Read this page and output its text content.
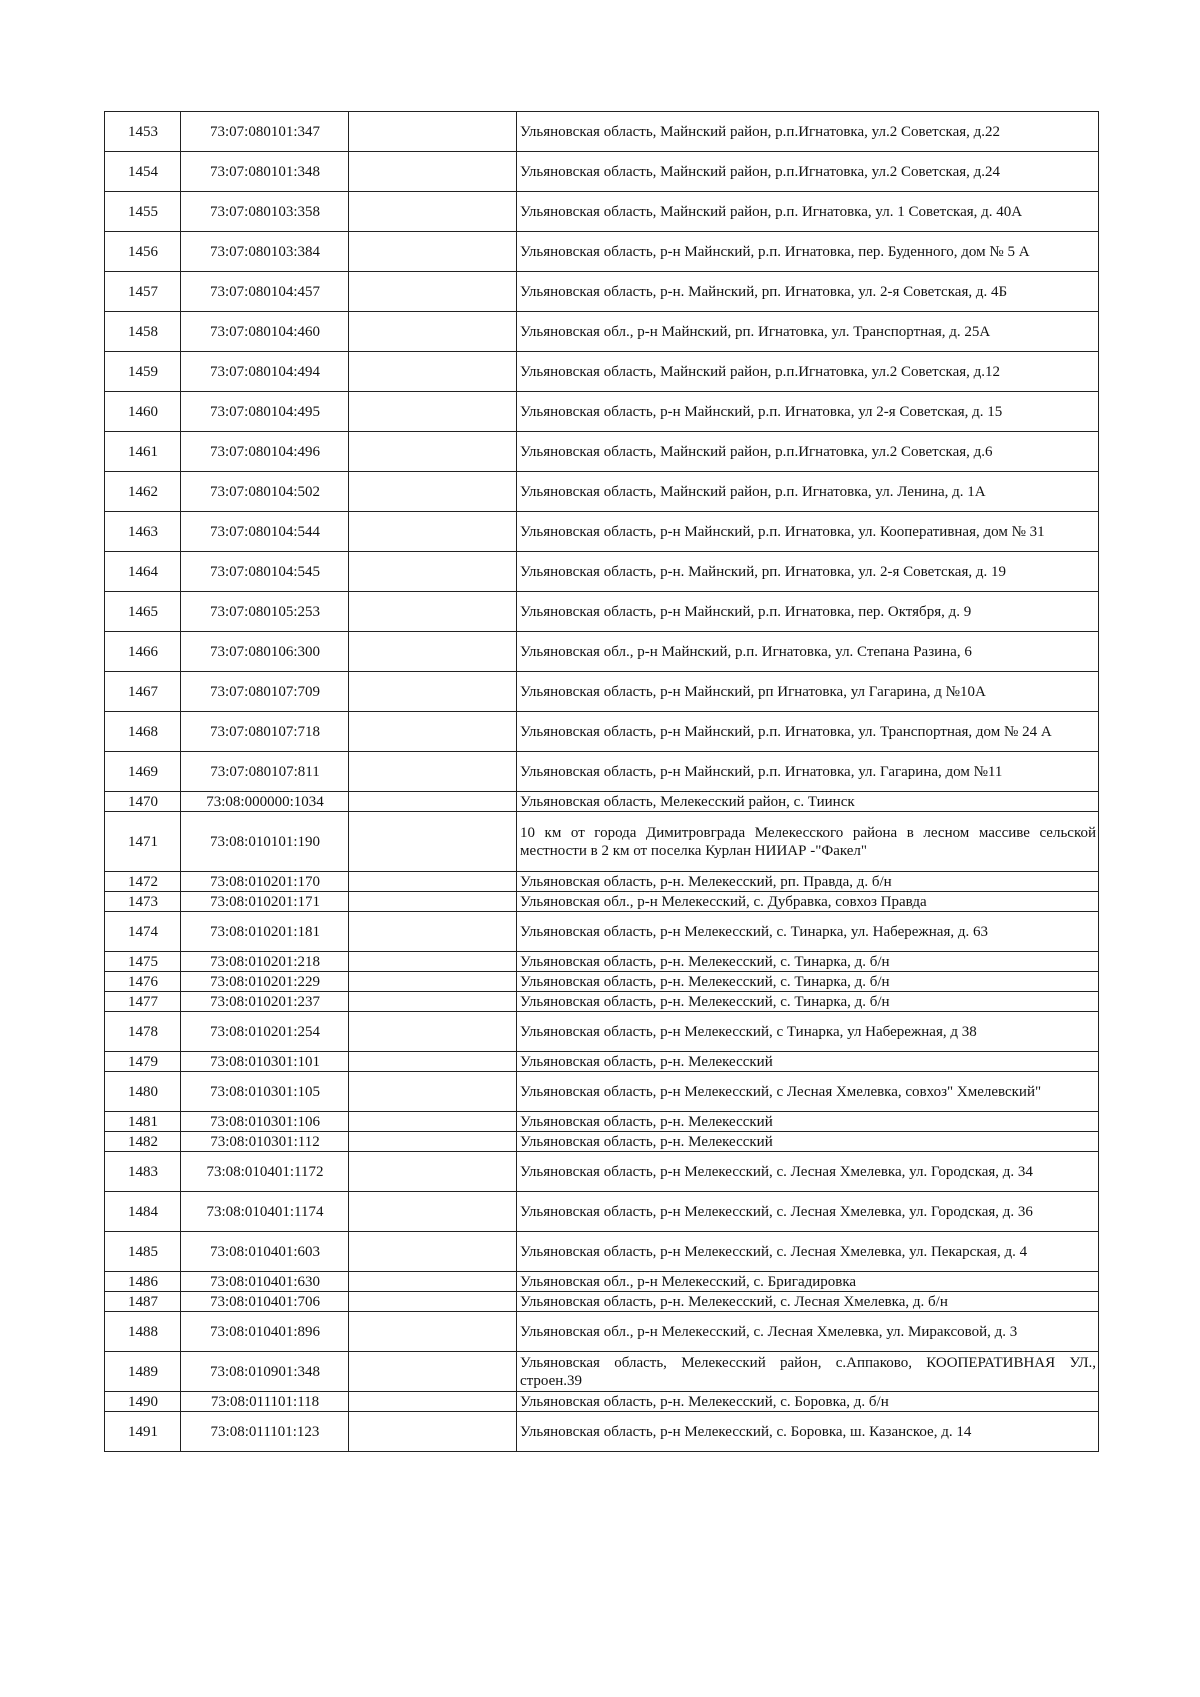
1453	73:07:080101:347		Ульяновская область, Майнский район, р.п.Игнатовка, ул.2 Советская, д.22
1454	73:07:080101:348		Ульяновская область, Майнский район, р.п.Игнатовка, ул.2 Советская, д.24
1455	73:07:080103:358		Ульяновская область, Майнский район, р.п. Игнатовка, ул. 1 Советская, д. 40А
1456	73:07:080103:384		Ульяновская область, р-н Майнский, р.п. Игнатовка, пер. Буденного, дом № 5 А
1457	73:07:080104:457		Ульяновская область, р-н. Майнский, рп. Игнатовка, ул. 2-я Советская, д. 4Б
1458	73:07:080104:460		Ульяновская обл., р-н Майнский, рп. Игнатовка, ул. Транспортная, д. 25А
1459	73:07:080104:494		Ульяновская область, Майнский район, р.п.Игнатовка, ул.2 Советская, д.12
1460	73:07:080104:495		Ульяновская область, р-н Майнский, р.п. Игнатовка, ул 2-я Советская, д. 15
1461	73:07:080104:496		Ульяновская область, Майнский район, р.п.Игнатовка, ул.2 Советская, д.6
1462	73:07:080104:502		Ульяновская область, Майнский район, р.п. Игнатовка, ул. Ленина, д. 1А
1463	73:07:080104:544		Ульяновская область, р-н Майнский, р.п. Игнатовка, ул. Кооперативная, дом № 31
1464	73:07:080104:545		Ульяновская область, р-н. Майнский, рп. Игнатовка, ул. 2-я Советская, д. 19
1465	73:07:080105:253		Ульяновская область, р-н Майнский, р.п. Игнатовка, пер. Октября, д. 9
1466	73:07:080106:300		Ульяновская обл., р-н Майнский, р.п. Игнатовка, ул. Степана Разина, 6
1467	73:07:080107:709		Ульяновская область, р-н Майнский, рп Игнатовка, ул Гагарина, д №10А
1468	73:07:080107:718		Ульяновская область, р-н Майнский, р.п. Игнатовка, ул. Транспортная, дом № 24 А
1469	73:07:080107:811		Ульяновская область, р-н Майнский, р.п. Игнатовка, ул. Гагарина, дом №11
1470	73:08:000000:1034		Ульяновская область, Мелекесский район, с. Тиинск
1471	73:08:010101:190		10 км от города Димитровграда Мелекесского района в лесном массиве сельской местности в 2 км от поселка Курлан НИИАР -"Факел"
1472	73:08:010201:170		Ульяновская область, р-н. Мелекесский, рп. Правда, д. б/н
1473	73:08:010201:171		Ульяновская обл., р-н Мелекесский, с. Дубравка, совхоз Правда
1474	73:08:010201:181		Ульяновская область, р-н Мелекесский, с. Тинарка, ул. Набережная, д. 63
1475	73:08:010201:218		Ульяновская область, р-н. Мелекесский, с. Тинарка, д. б/н
1476	73:08:010201:229		Ульяновская область, р-н. Мелекесский, с. Тинарка, д. б/н
1477	73:08:010201:237		Ульяновская область, р-н. Мелекесский, с. Тинарка, д. б/н
1478	73:08:010201:254		Ульяновская область, р-н Мелекесский, с Тинарка, ул Набережная, д 38
1479	73:08:010301:101		Ульяновская область, р-н. Мелекесский
1480	73:08:010301:105		Ульяновская область, р-н Мелекесский, с Лесная Хмелевка, совхоз" Хмелевский"
1481	73:08:010301:106		Ульяновская область, р-н. Мелекесский
1482	73:08:010301:112		Ульяновская область, р-н. Мелекесский
1483	73:08:010401:1172		Ульяновская область, р-н Мелекесский, с. Лесная Хмелевка, ул. Городская, д. 34
1484	73:08:010401:1174		Ульяновская область, р-н Мелекесский, с. Лесная Хмелевка, ул. Городская, д. 36
1485	73:08:010401:603		Ульяновская область, р-н Мелекесский, с. Лесная Хмелевка, ул. Пекарская, д. 4
1486	73:08:010401:630		Ульяновская обл., р-н Мелекесский, с. Бригадировка
1487	73:08:010401:706		Ульяновская область, р-н. Мелекесский, с. Лесная Хмелевка, д. б/н
1488	73:08:010401:896		Ульяновская обл., р-н Мелекесский, с. Лесная Хмелевка, ул. Мираксовой, д. 3
1489	73:08:010901:348		Ульяновская область, Мелекесский район, с.Аппаково, КООПЕРАТИВНАЯ УЛ., строен.39
1490	73:08:011101:118		Ульяновская область, р-н. Мелекесский, с. Боровка, д. б/н
1491	73:08:011101:123		Ульяновская область, р-н Мелекесский, с. Боровка, ш. Казанское, д. 14
